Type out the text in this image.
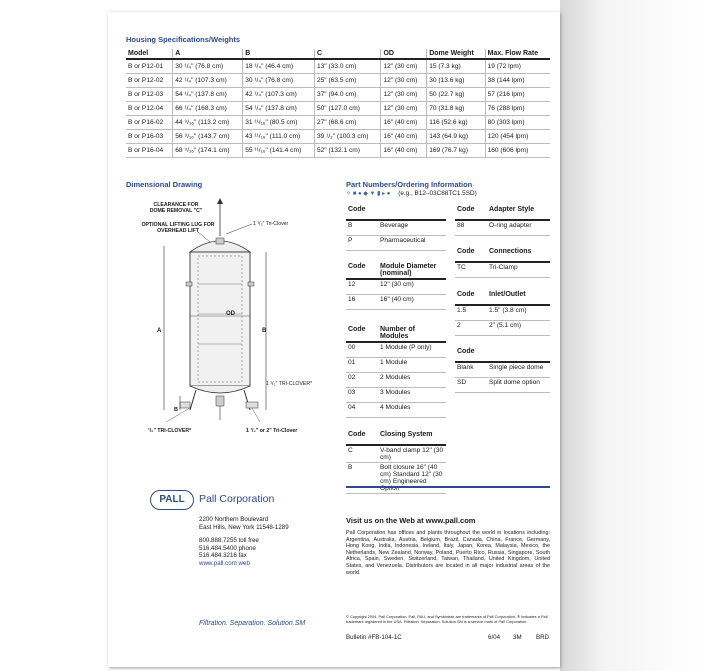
Housing Specifications/Weights
Model	A	B	C	OD	Dome Weight	Max. Flow Rate
B or P12-01	30 ¹/₄" (76.8 cm)	18 ¹/₄" (46.4 cm)	13" (33.0 cm)	12" (30 cm)	15 (7.3 kg)	19 (72 lpm)
B or P12-02	42 ¹/₄" (107.3 cm)	30 ¹/₄" (76.8 cm)	25" (63.5 cm)	12" (30 cm)	30 (13.6 kg)	38 (144 lpm)
B or P12-03	54 ¹/₄" (137.8 cm)	42 ¹/₄" (107.3 cm)	37" (94.0 cm)	12" (30 cm)	50 (22.7 kg)	57 (216 lpm)
B or P12-04	66 ¹/₄" (168.3 cm)	54 ¹/₄" (137.8 cm)	50" (127.0 cm)	12" (30 cm)	70 (31.8 kg)	76 (288 lpm)
B or P16-02	44 ⁹/₁₆" (113.2 cm)	31 ¹¹/₁₆" (80.5 cm)	27" (68.6 cm)	16" (40 cm)	116 (52.6 kg)	80 (303 lpm)
B or P16-03	56 ⁹/₁₆" (143.7 cm)	43 ¹¹/₁₆" (111.0 cm)	39 ¹/₂" (100.3 cm)	16" (40 cm)	143 (64.9 kg)	120 (454 lpm)
B or P16-04	68 ⁹/₁₆" (174.1 cm)	55 ¹¹/₁₆" (141.4 cm)	52" (132.1 cm)	16" (40 cm)	169 (76.7 kg)	160 (606 lpm)
Dimensional Drawing
CLEARANCE FOR DOME REMOVAL "C"
OPTIONAL LIFTING LUG FOR OVERHEAD LIFT
1 ¹/₂" Tri-Clover
OD
A	B
B
1 ¹/₂" TRI-CLOVER*
¹/₂" TRI-CLOVER*	1 ¹/₂" or 2" Tri-Clover
Part Numbers/Ordering Information
✧ ■ ● ◆ ▼ ▮ ▸ ● (e.g., B12–03C88TC1.5SD)
Code	
B	Beverage
P	Pharmaceutical
Code	Module Diameter (nominal)
12	12" (30 cm)
16	16" (40 cm)
Code	Number of Modules
00	1 Module (P only)
01	1 Module
02	2 Modules
03	3 Modules
04	4 Modules
Code	Closing System
C	V-band clamp 12" (30 cm)
B	Bolt closure 16" (40 cm) Standard 12" (30 cm) Engineered Option
Code	Adapter Style
88	O-ring adapter
Code	Connections
TC	Tri-Clamp
Code	Inlet/Outlet
1.5	1.5" (3.8 cm)
2	2" (5.1 cm)
Code	
Blank	Single piece dome
SD	Split dome option
PALL	Pall Corporation
2200 Northern Boulevard
East Hills, New York 11548-1289
800.888.7255 toll free
516.484.5400 phone
516.484.3216 fax
www.pall.com web
Filtration. Separation. Solution.SM
Visit us on the Web at www.pall.com
Pall Corporation has offices and plants throughout the world in locations including: Argentina, Australia, Austria, Belgium, Brazil, Canada, China, France, Germany, Hong Kong, India, Indonesia, Ireland, Italy, Japan, Korea, Malaysia, Mexico, the Netherlands, New Zealand, Norway, Poland, Puerto Rico, Russia, Singapore, South Africa, Spain, Sweden, Switzerland, Taiwan, Thailand, United Kingdom, United States, and Venezuela. Distributors are located in all major industrial areas of the world.
© Copyright 2004, Pall Corporation. Pall, PALL and Symbiotrak are trademarks of Pall Corporation. ® Indicates a Pall trademark registered in the USA. Filtration. Separation. Solution.SM is a service mark of Pall Corporation.
Bulletin #FB-104-1C	6/04 3M BRD
